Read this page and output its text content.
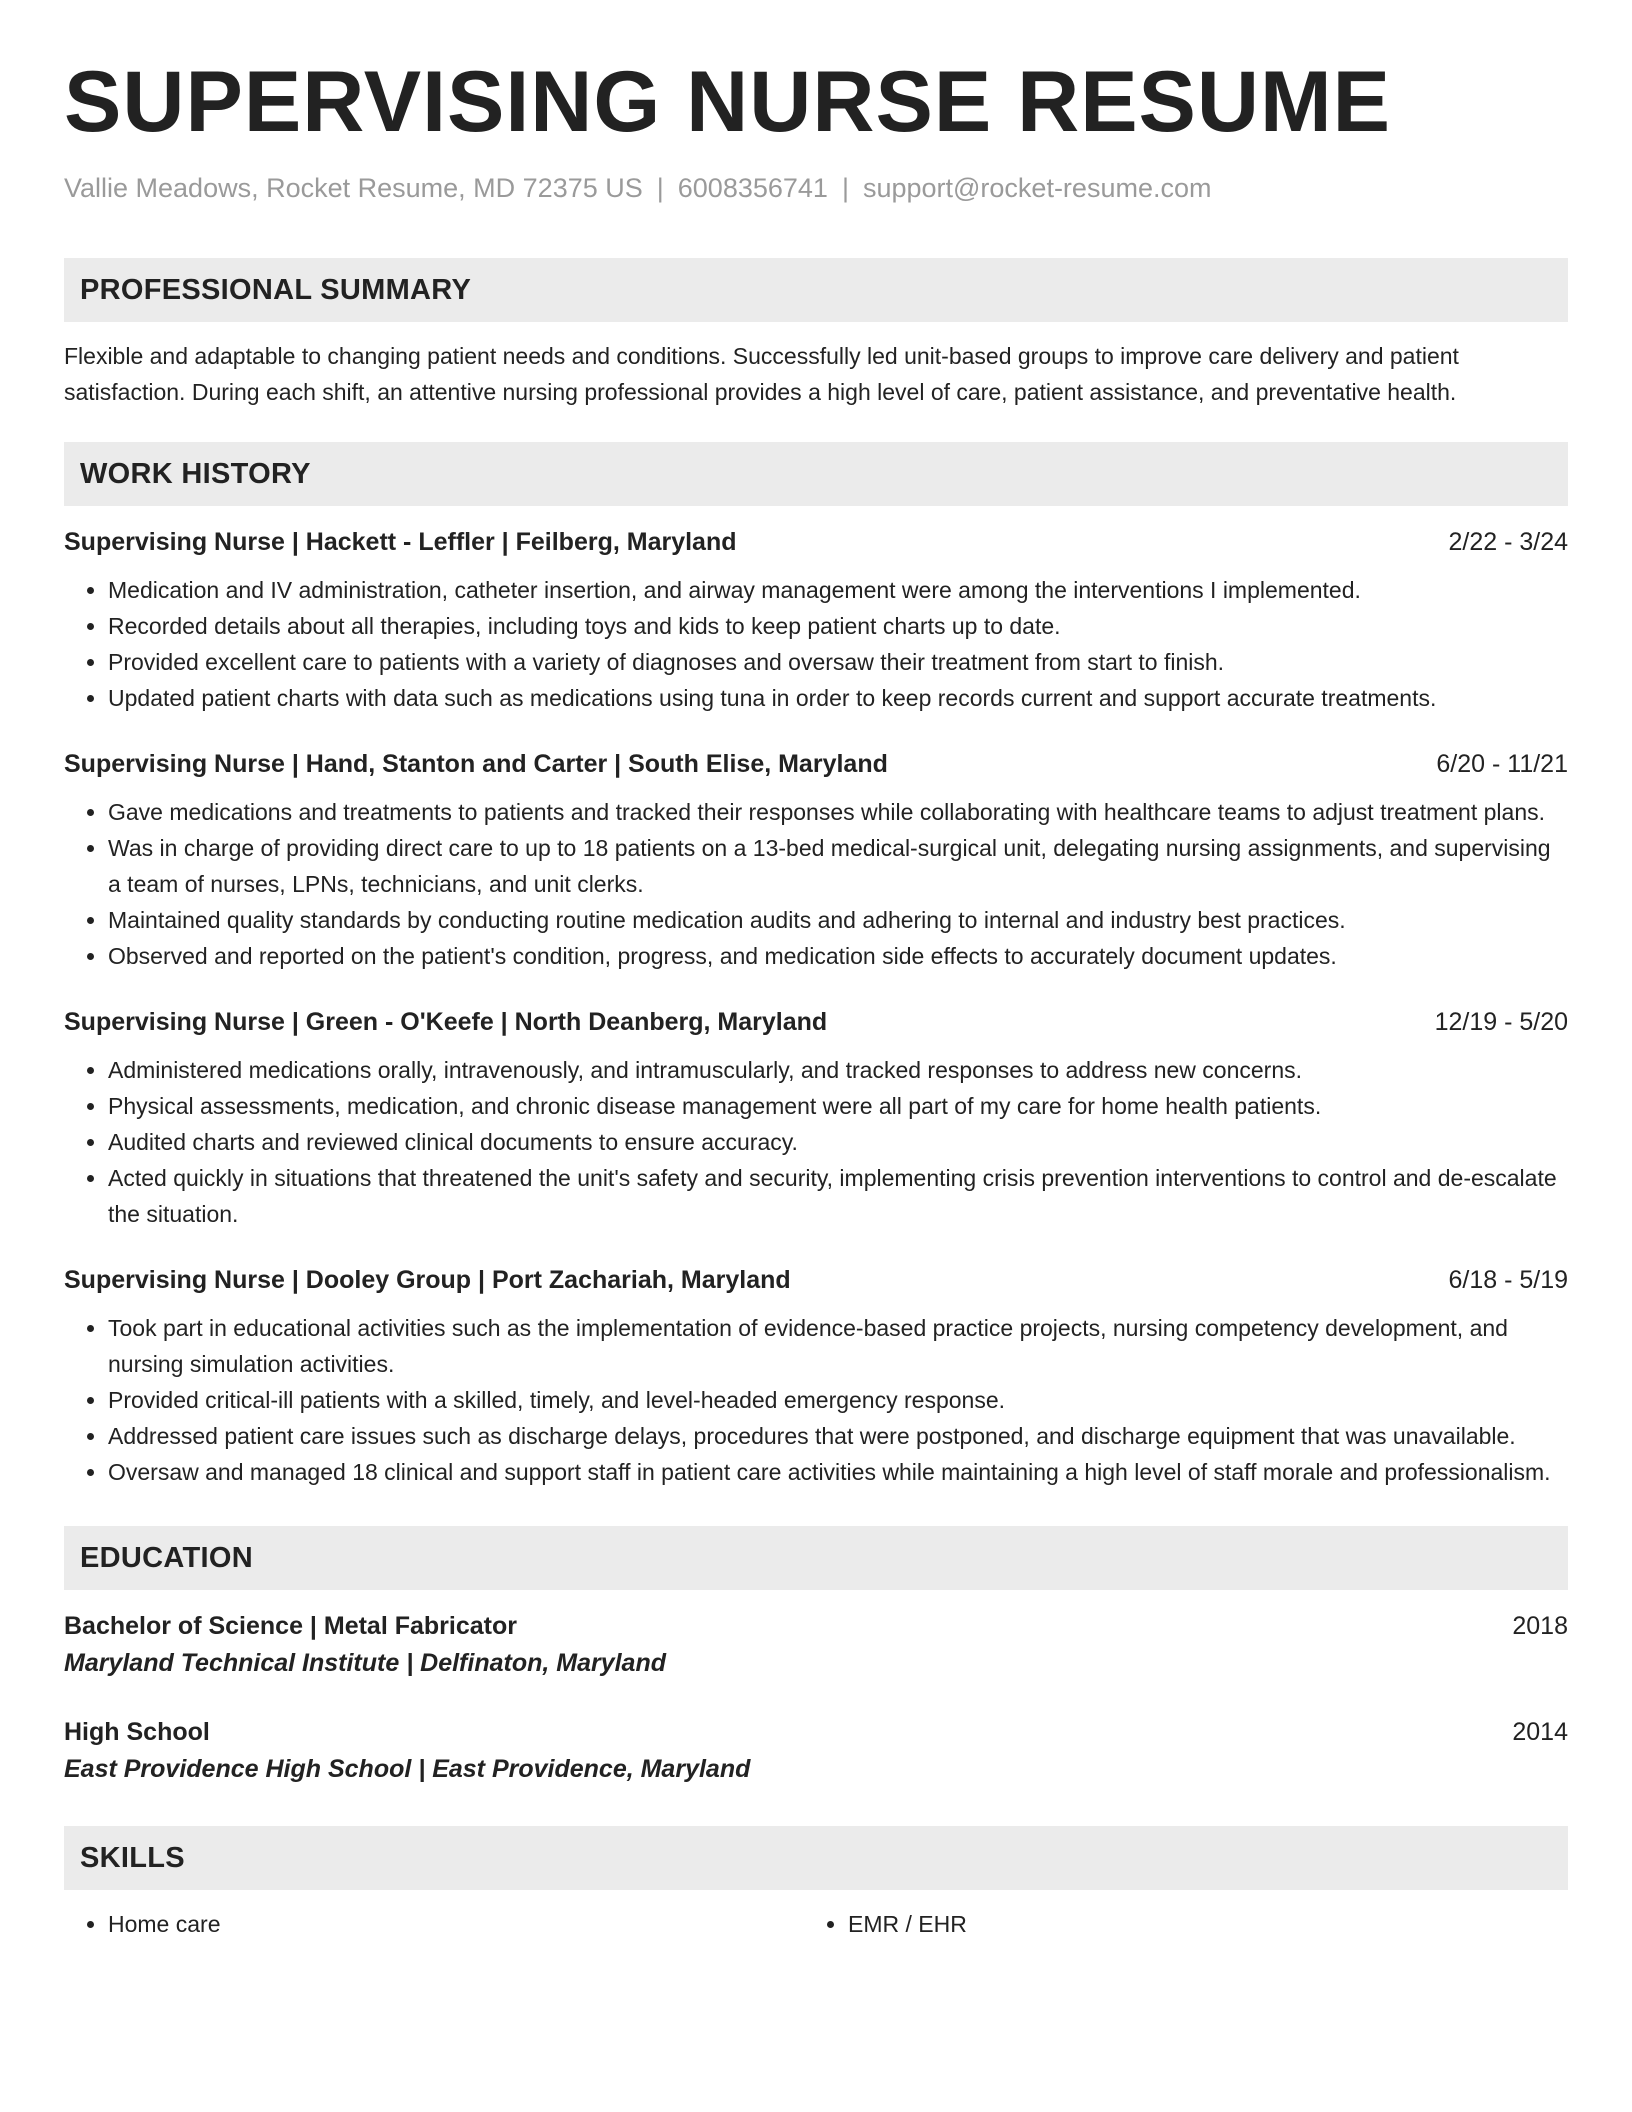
SUPERVISING NURSE RESUME
Vallie Meadows, Rocket Resume, MD 72375 US | 6008356741 | support@rocket-resume.com
PROFESSIONAL SUMMARY
Flexible and adaptable to changing patient needs and conditions. Successfully led unit-based groups to improve care delivery and patient satisfaction. During each shift, an attentive nursing professional provides a high level of care, patient assistance, and preventative health.
WORK HISTORY
Supervising Nurse | Hackett - Leffler | Feilberg, Maryland	2/22 - 3/24
• Medication and IV administration, catheter insertion, and airway management were among the interventions I implemented.
• Recorded details about all therapies, including toys and kids to keep patient charts up to date.
• Provided excellent care to patients with a variety of diagnoses and oversaw their treatment from start to finish.
• Updated patient charts with data such as medications using tuna in order to keep records current and support accurate treatments.
Supervising Nurse | Hand, Stanton and Carter | South Elise, Maryland	6/20 - 11/21
• Gave medications and treatments to patients and tracked their responses while collaborating with healthcare teams to adjust treatment plans.
• Was in charge of providing direct care to up to 18 patients on a 13-bed medical-surgical unit, delegating nursing assignments, and supervising a team of nurses, LPNs, technicians, and unit clerks.
• Maintained quality standards by conducting routine medication audits and adhering to internal and industry best practices.
• Observed and reported on the patient's condition, progress, and medication side effects to accurately document updates.
Supervising Nurse | Green - O'Keefe | North Deanberg, Maryland	12/19 - 5/20
• Administered medications orally, intravenously, and intramuscularly, and tracked responses to address new concerns.
• Physical assessments, medication, and chronic disease management were all part of my care for home health patients.
• Audited charts and reviewed clinical documents to ensure accuracy.
• Acted quickly in situations that threatened the unit's safety and security, implementing crisis prevention interventions to control and de-escalate the situation.
Supervising Nurse | Dooley Group | Port Zachariah, Maryland	6/18 - 5/19
• Took part in educational activities such as the implementation of evidence-based practice projects, nursing competency development, and nursing simulation activities.
• Provided critical-ill patients with a skilled, timely, and level-headed emergency response.
• Addressed patient care issues such as discharge delays, procedures that were postponed, and discharge equipment that was unavailable.
• Oversaw and managed 18 clinical and support staff in patient care activities while maintaining a high level of staff morale and professionalism.
EDUCATION
Bachelor of Science | Metal Fabricator	2018
Maryland Technical Institute | Delfinaton, Maryland
High School	2014
East Providence High School | East Providence, Maryland
SKILLS
• Home care
•	EMR / EHR
